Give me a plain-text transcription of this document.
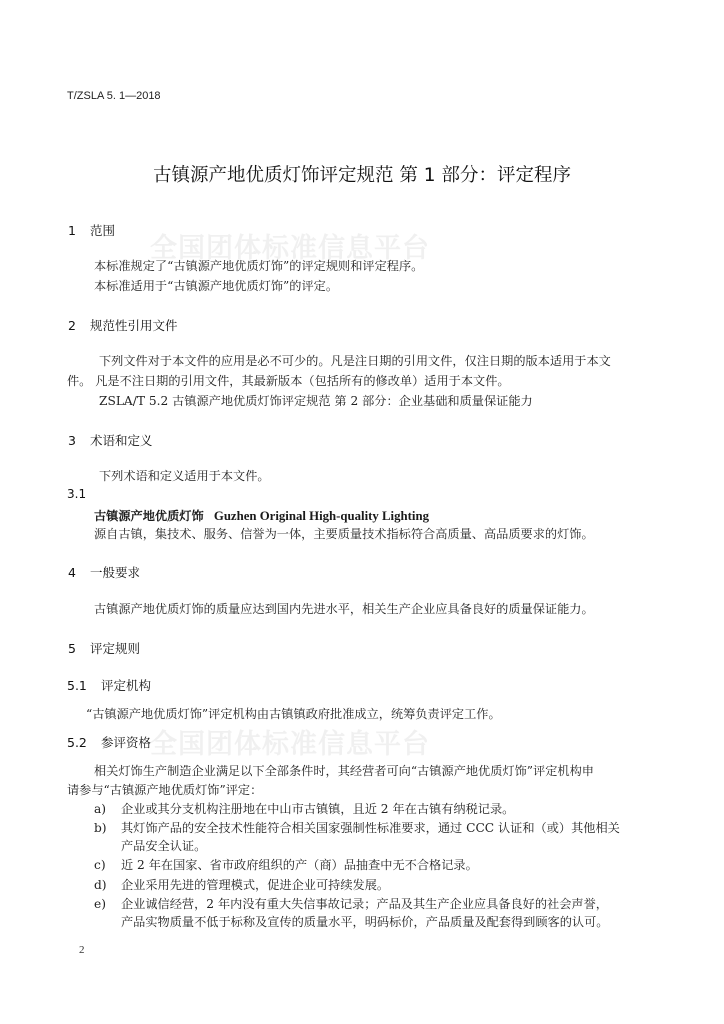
T/ZSLA 5. 1—2018
古镇源产地优质灯饰评定规范 第 1 部分：评定程序
全国团体标准信息平台
全国团体标准信息平台
1 范围
本标准规定了“古镇源产地优质灯饰”的评定规则和评定程序。
本标准适用于“古镇源产地优质灯饰”的评定。
2 规范性引用文件
下列文件对于本文件的应用是必不可少的。凡是注日期的引用文件，仅注日期的版本适用于本文
件。 凡是不注日期的引用文件，其最新版本（包括所有的修改单）适用于本文件。
ZSLA/T 5.2 古镇源产地优质灯饰评定规范 第 2 部分：企业基础和质量保证能力
3 术语和定义
下列术语和定义适用于本文件。
3.1
古镇源产地优质灯饰 Guzhen Original High-quality Lighting
源自古镇，集技术、服务、信誉为一体，主要质量技术指标符合高质量、高品质要求的灯饰。
4 一般要求
古镇源产地优质灯饰的质量应达到国内先进水平，相关生产企业应具备良好的质量保证能力。
5 评定规则
5.1 评定机构
“古镇源产地优质灯饰”评定机构由古镇镇政府批准成立，统筹负责评定工作。
5.2 参评资格
相关灯饰生产制造企业满足以下全部条件时，其经营者可向“古镇源产地优质灯饰”评定机构申
请参与“古镇源产地优质灯饰”评定：
a) 企业或其分支机构注册地在中山市古镇镇，且近 2 年在古镇有纳税记录。
b) 其灯饰产品的安全技术性能符合相关国家强制性标准要求，通过 CCC 认证和（或）其他相关
产品安全认证。
c) 近 2 年在国家、省市政府组织的产（商）品抽查中无不合格记录。
d) 企业采用先进的管理模式，促进企业可持续发展。
e) 企业诚信经营，2 年内没有重大失信事故记录；产品及其生产企业应具备良好的社会声誉，
产品实物质量不低于标称及宣传的质量水平，明码标价，产品质量及配套得到顾客的认可。
2
